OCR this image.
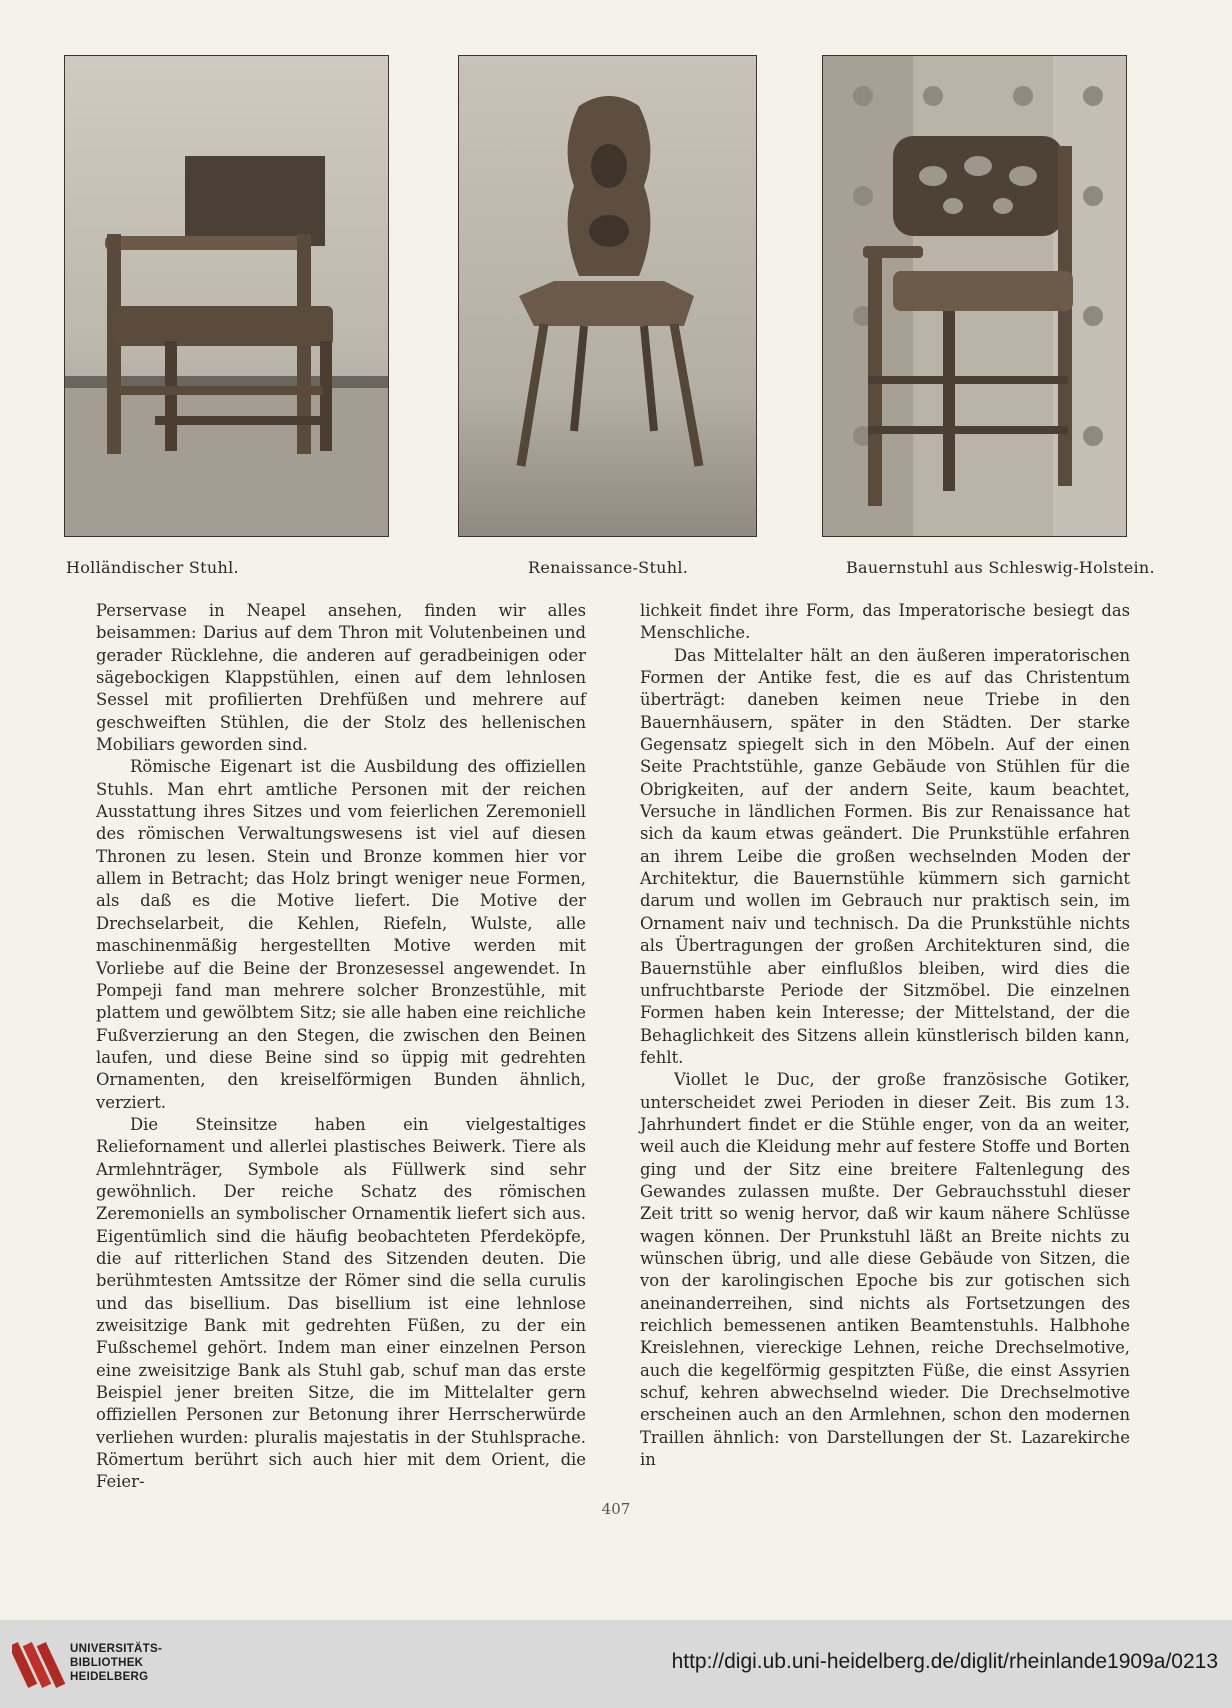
Holländischer Stuhl.	Renaissance-Stuhl.	Bauernstuhl aus Schleswig-Holstein.

Perservase in Neapel ansehen, finden wir alles beisammen: Darius auf dem Thron mit Volutenbeinen und gerader Rücklehne, die anderen auf geradbeinigen oder sägebockigen Klappstühlen, einen auf dem lehnlosen Sessel mit profilierten Drehfüßen und mehrere auf geschweiften Stühlen, die der Stolz des hellenischen Mobiliars geworden sind.

Römische Eigenart ist die Ausbildung des offiziellen Stuhls. Man ehrt amtliche Personen mit der reichen Ausstattung ihres Sitzes und vom feierlichen Zeremoniell des römischen Verwaltungswesens ist viel auf diesen Thronen zu lesen. Stein und Bronze kommen hier vor allem in Betracht; das Holz bringt weniger neue Formen, als daß es die Motive liefert. Die Motive der Drechselarbeit, die Kehlen, Riefeln, Wulste, alle maschinenmäßig hergestellten Motive werden mit Vorliebe auf die Beine der Bronzesessel angewendet. In Pompeji fand man mehrere solcher Bronzestühle, mit plattem und gewölbtem Sitz; sie alle haben eine reichliche Fußverzierung an den Stegen, die zwischen den Beinen laufen, und diese Beine sind so üppig mit gedrehten Ornamenten, den kreiselförmigen Bunden ähnlich, verziert.

Die Steinsitze haben ein vielgestaltiges Reliefornament und allerlei plastisches Beiwerk. Tiere als Armlehnträger, Symbole als Füllwerk sind sehr gewöhnlich. Der reiche Schatz des römischen Zeremoniells an symbolischer Ornamentik liefert sich aus. Eigentümlich sind die häufig beobachteten Pferdeköpfe, die auf ritterlichen Stand des Sitzenden deuten. Die berühmtesten Amtssitze der Römer sind die sella curulis und das bisellium. Das bisellium ist eine lehnlose zweisitzige Bank mit gedrehten Füßen, zu der ein Fußschemel gehört. Indem man einer einzelnen Person eine zweisitzige Bank als Stuhl gab, schuf man das erste Beispiel jener breiten Sitze, die im Mittelalter gern offiziellen Personen zur Betonung ihrer Herrscherwürde verliehen wurden: pluralis majestatis in der Stuhlsprache. Römertum berührt sich auch hier mit dem Orient, die Feier-

lichkeit findet ihre Form, das Imperatorische besiegt das Menschliche.

Das Mittelalter hält an den äußeren imperatorischen Formen der Antike fest, die es auf das Christentum überträgt: daneben keimen neue Triebe in den Bauernhäusern, später in den Städten. Der starke Gegensatz spiegelt sich in den Möbeln. Auf der einen Seite Prachtstühle, ganze Gebäude von Stühlen für die Obrigkeiten, auf der andern Seite, kaum beachtet, Versuche in ländlichen Formen. Bis zur Renaissance hat sich da kaum etwas geändert. Die Prunkstühle erfahren an ihrem Leibe die großen wechselnden Moden der Architektur, die Bauernstühle kümmern sich garnicht darum und wollen im Gebrauch nur praktisch sein, im Ornament naiv und technisch. Da die Prunkstühle nichts als Übertragungen der großen Architekturen sind, die Bauernstühle aber einflußlos bleiben, wird dies die unfruchtbarste Periode der Sitzmöbel. Die einzelnen Formen haben kein Interesse; der Mittelstand, der die Behaglichkeit des Sitzens allein künstlerisch bilden kann, fehlt.

Viollet le Duc, der große französische Gotiker, unterscheidet zwei Perioden in dieser Zeit. Bis zum 13. Jahrhundert findet er die Stühle enger, von da an weiter, weil auch die Kleidung mehr auf festere Stoffe und Borten ging und der Sitz eine breitere Faltenlegung des Gewandes zulassen mußte. Der Gebrauchsstuhl dieser Zeit tritt so wenig hervor, daß wir kaum nähere Schlüsse wagen können. Der Prunkstuhl läßt an Breite nichts zu wünschen übrig, und alle diese Gebäude von Sitzen, die von der karolingischen Epoche bis zur gotischen sich aneinanderreihen, sind nichts als Fortsetzungen des reichlich bemessenen antiken Beamtenstuhls. Halbhohe Kreislehnen, viereckige Lehnen, reiche Drechselmotive, auch die kegelförmig gespitzten Füße, die einst Assyrien schuf, kehren abwechselnd wieder. Die Drechselmotive erscheinen auch an den Armlehnen, schon den modernen Traillen ähnlich: von Darstellungen der St. Lazarekirche in

407
UNIVERSITÄTS-
BIBLIOTHEK
HEIDELBERG
http://digi.ub.uni-heidelberg.de/diglit/rheinlande1909a/0213
